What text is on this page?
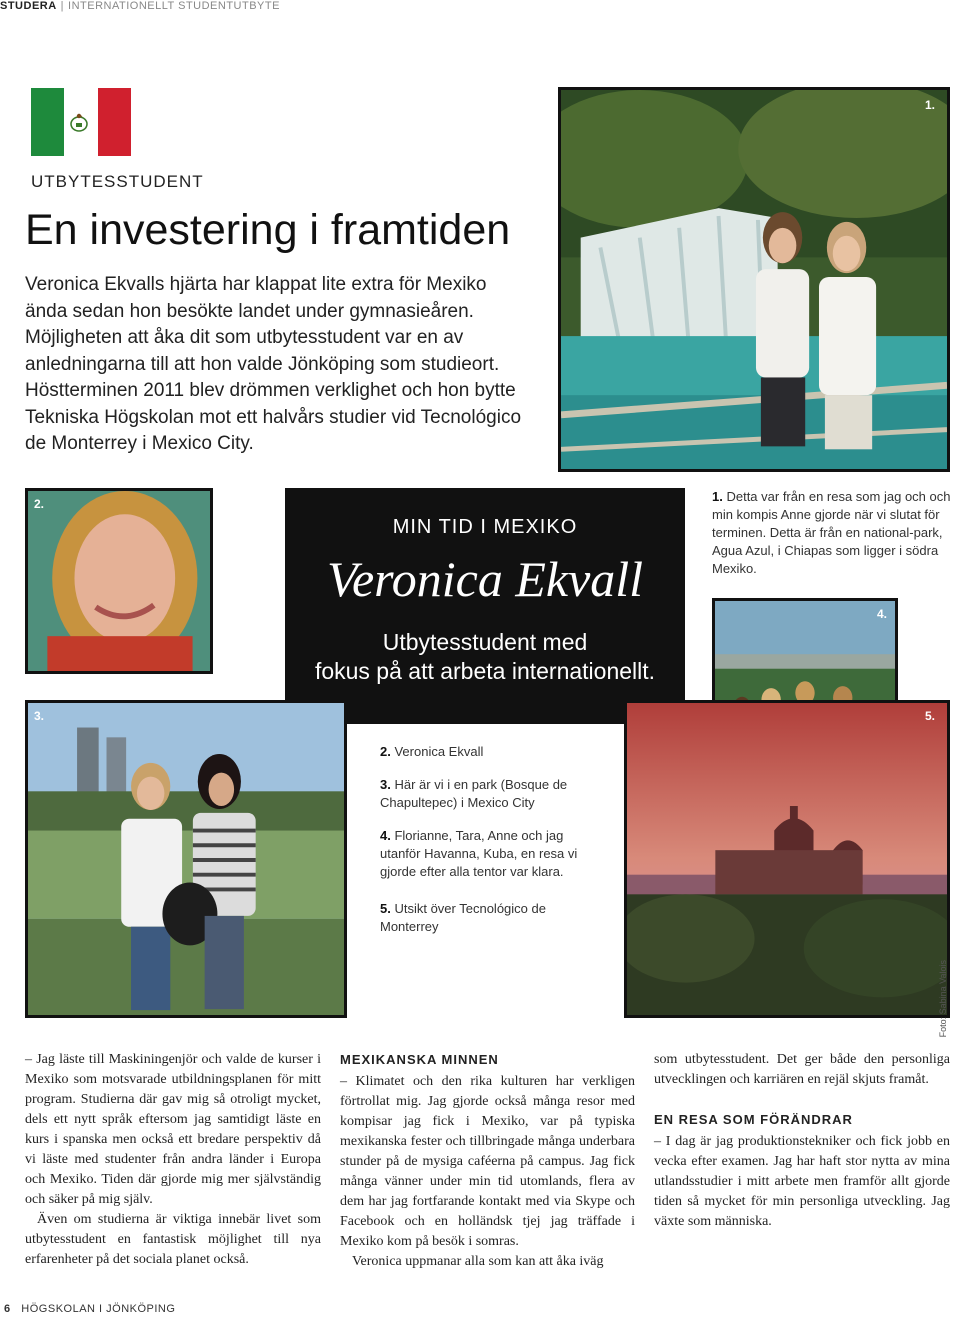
STUDERA | INTERNATIONELLT STUDENTUTBYTE
UTBYTESSTUDENT
En investering i framtiden

Veronica Ekvalls hjärta har klappat lite extra för Mexiko ända sedan hon besökte landet under gymnasieåren. Möjligheten att åka dit som utbytesstudent var en av anledningarna till att hon valde Jönköping som studieort. Höstterminen 2011 blev drömmen verklighet och hon bytte Tekniska Högskolan mot ett halvårs studier vid Tecnológico de Monterrey i Mexico City.

1.
2.
MIN TID I MEXIKO
Veronica Ekvall
Utbytesstudent med
fokus på att arbeta internationellt.
3.
4.
5.

1. Detta var från en resa som jag och och min kompis Anne gjorde när vi slutat för terminen. Detta är från en national-park, Agua Azul, i Chiapas som ligger i södra Mexiko.

2. Veronica Ekvall

3. Här är vi i en park (Bosque de Chapultepec) i Mexico City

4. Florianne, Tara, Anne och jag utanför Havanna, Kuba, en resa vi gjorde efter alla tentor var klara.

5. Utsikt över Tecnológico de Monterrey

Foto: Sabina Valois

– Jag läste till Maskiningenjör och valde de kurser i Mexiko som motsvarade utbildningsplanen för mitt program. Studierna där gav mig så otroligt mycket, dels ett nytt språk eftersom jag samtidigt läste en kurs i spanska men också ett bredare perspektiv då vi läste med studenter från andra länder i Europa och Mexiko. Tiden där gjorde mig mer självständig och säker på mig själv.

Även om studierna är viktiga innebär livet som utbytesstudent en fantastisk möjlighet till nya erfarenheter på det sociala planet också.

MEXIKANSKA MINNEN

– Klimatet och den rika kulturen har verkligen förtrollat mig. Jag gjorde också många resor med kompisar jag fick i Mexiko, var på typiska mexikanska fester och tillbringade många underbara stunder på de mysiga caféerna på campus. Jag fick många vänner under min tid utomlands, flera av dem har jag fortfarande kontakt med via Skype och Facebook och en holländsk tjej jag träffade i Mexiko kom på besök i somras.

Veronica uppmanar alla som kan att åka iväg

som utbytesstudent. Det ger både den personliga utvecklingen och karriären en rejäl skjuts framåt.

EN RESA SOM FÖRÄNDRAR

– I dag är jag produktionstekniker och fick jobb en vecka efter examen. Jag har haft stor nytta av mina utlandsstudier i mitt arbete men framför allt gjorde tiden så mycket för min personliga utveckling. Jag växte som människa.

6 HÖGSKOLAN I JÖNKÖPING
